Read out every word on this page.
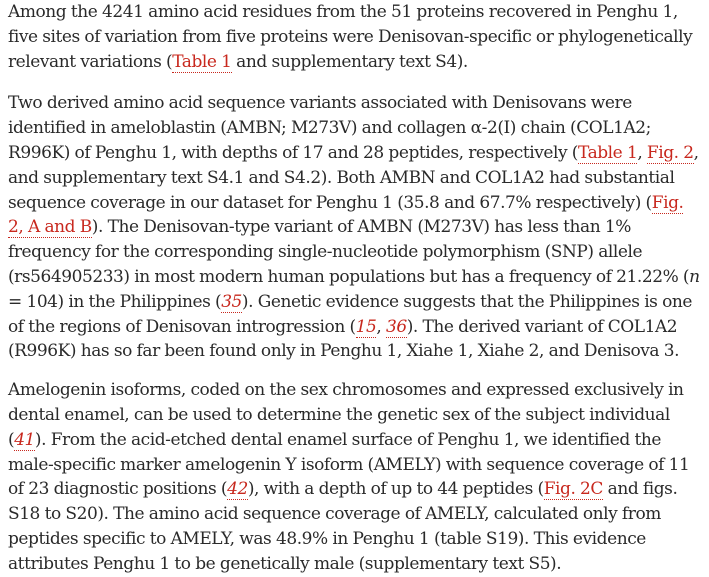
Among the 4241 amino acid residues from the 51 proteins recovered in Penghu 1, five sites of variation from five proteins were Denisovan-specific or phylogenetically relevant variations (Table 1 and supplementary text S4).

Two derived amino acid sequence variants associated with Denisovans were identified in ameloblastin (AMBN; M273V) and collagen α-2(I) chain (COL1A2; R996K) of Penghu 1, with depths of 17 and 28 peptides, respectively (Table 1, Fig. 2, and supplementary text S4.1 and S4.2). Both AMBN and COL1A2 had substantial sequence coverage in our dataset for Penghu 1 (35.8 and 67.7% respectively) (Fig. 2, A and B). The Denisovan-type variant of AMBN (M273V) has less than 1% frequency for the corresponding single-nucleotide polymorphism (SNP) allele (rs564905233) in most modern human populations but has a frequency of 21.22% (n = 104) in the Philippines (35). Genetic evidence suggests that the Philippines is one of the regions of Denisovan introgression (15, 36). The derived variant of COL1A2 (R996K) has so far been found only in Penghu 1, Xiahe 1, Xiahe 2, and Denisova 3.

Amelogenin isoforms, coded on the sex chromosomes and expressed exclusively in dental enamel, can be used to determine the genetic sex of the subject individual (41). From the acid-etched dental enamel surface of Penghu 1, we identified the male-specific marker amelogenin Y isoform (AMELY) with sequence coverage of 11 of 23 diagnostic positions (42), with a depth of up to 44 peptides (Fig. 2C and figs. S18 to S20). The amino acid sequence coverage of AMELY, calculated only from peptides specific to AMELY, was 48.9% in Penghu 1 (table S19). This evidence attributes Penghu 1 to be genetically male (supplementary text S5).
